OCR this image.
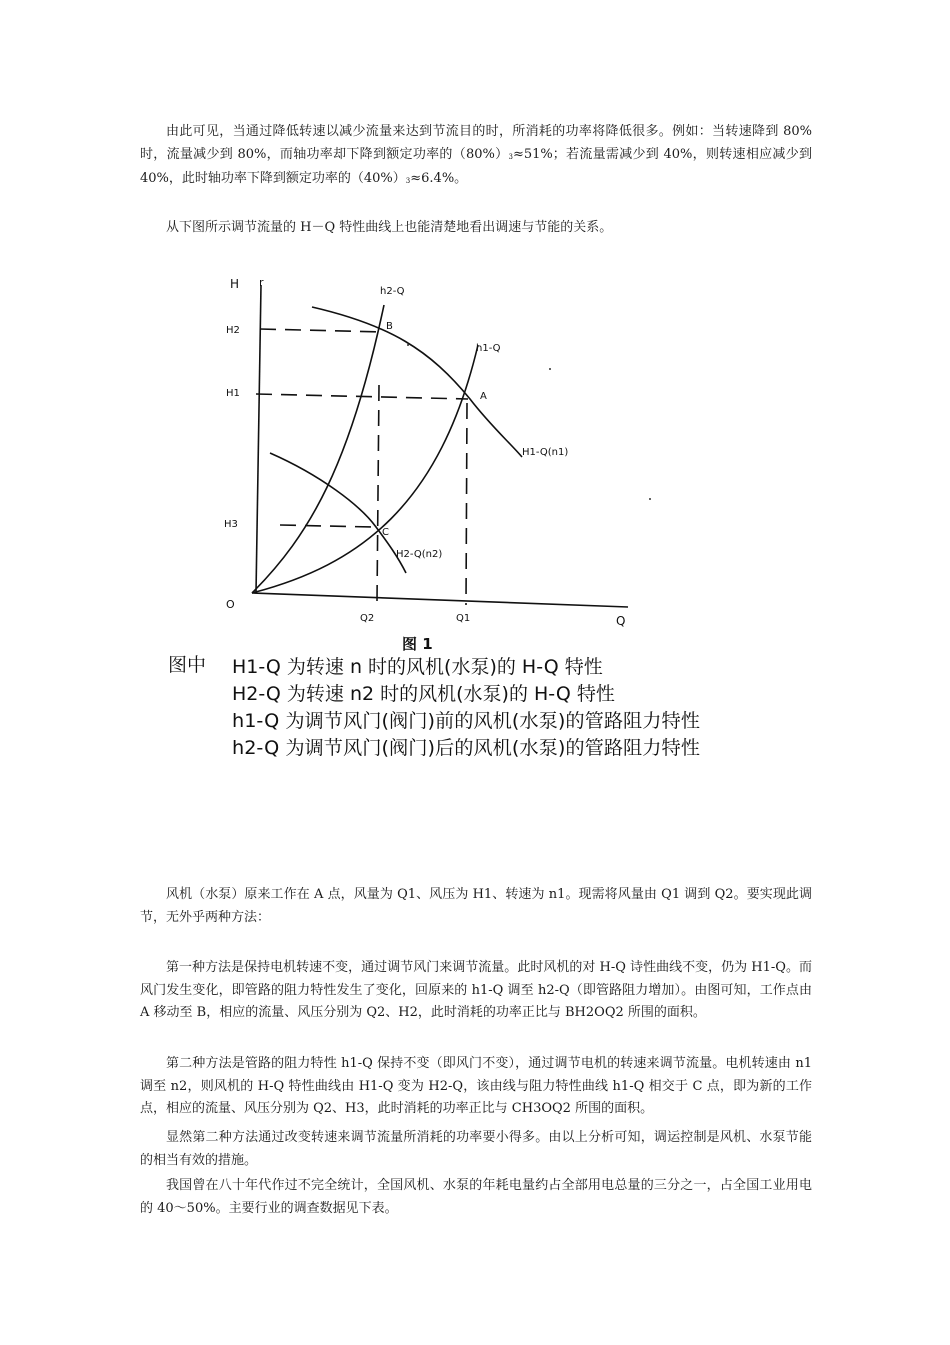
由此可见，当通过降低转速以减少流量来达到节流目的时，所消耗的功率将降低很多。例如：当转速降到 80%时，流量减少到 80%，而轴功率却下降到额定功率的（80%）3≈51%；若流量需减少到 40%，则转速相应减少到 40%，此时轴功率下降到额定功率的（40%）3≈6.4%。

从下图所示调节流量的 H－Q 特性曲线上也能清楚地看出调速与节能的关系。

H r
Q
O
H2
H1
H3
Q2	Q1
h2-Q
h1-Q
H1-Q(n1)
H2-Q(n2)
A
B
C
图 1
图中 H1-Q 为转速 n 时的风机(水泵)的 H-Q 特性
H2-Q 为转速 n2 时的风机(水泵)的 H-Q 特性
h1-Q 为调节风门(阀门)前的风机(水泵)的管路阻力特性
h2-Q 为调节风门(阀门)后的风机(水泵)的管路阻力特性

风机（水泵）原来工作在 A 点，风量为 Q1、风压为 H1、转速为 n1。现需将风量由 Q1 调到 Q2。要实现此调节，无外乎两种方法：

第一种方法是保持电机转速不变，通过调节风门来调节流量。此时风机的对 H-Q 诗性曲线不变，仍为 H1-Q。而风门发生变化，即管路的阻力特性发生了变化，回原来的 h1-Q 调至 h2-Q（即管路阻力增加）。由图可知，工作点由 A 移动至 B，相应的流量、风压分别为 Q2、H2，此时消耗的功率正比与 BH2OQ2 所围的面积。

第二种方法是管路的阻力特性 h1-Q 保持不变（即风门不变），通过调节电机的转速来调节流量。电机转速由 n1 调至 n2，则风机的 H-Q 特性曲线由 H1-Q 变为 H2-Q，该由线与阻力特性曲线 h1-Q 相交于 C 点，即为新的工作点，相应的流量、风压分别为 Q2、H3，此时消耗的功率正比与 CH3OQ2 所围的面积。

显然第二种方法通过改变转速来调节流量所消耗的功率要小得多。由以上分析可知，调运控制是风机、水泵节能的相当有效的措施。

我国曾在八十年代作过不完全统计，全国风机、水泵的年耗电量约占全部用电总量的三分之一，占全国工业用电的 40～50%。主要行业的调查数据见下表。
